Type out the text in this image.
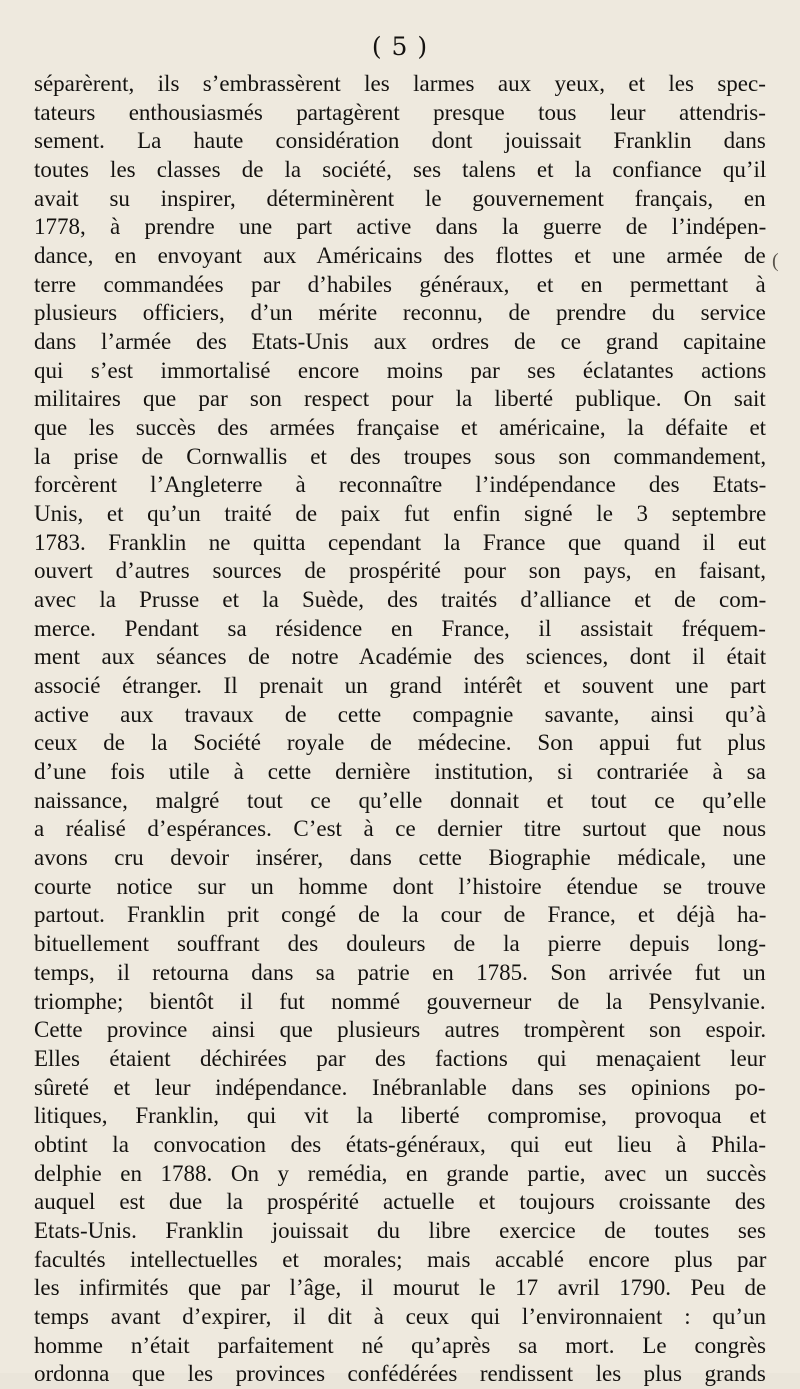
( 5 )
séparèrent, ils s’embrassèrent les larmes aux yeux, et les spec-
tateurs enthousiasmés partagèrent presque tous leur attendris-
sement. La haute considération dont jouissait Franklin dans
toutes les classes de la société, ses talens et la confiance qu’il
avait su inspirer, déterminèrent le gouvernement français, en
1778, à prendre une part active dans la guerre de l’indépen-
dance, en envoyant aux Américains des flottes et une armée de
terre commandées par d’habiles généraux, et en permettant à
plusieurs officiers, d’un mérite reconnu, de prendre du service
dans l’armée des Etats-Unis aux ordres de ce grand capitaine
qui s’est immortalisé encore moins par ses éclatantes actions
militaires que par son respect pour la liberté publique. On sait
que les succès des armées française et américaine, la défaite et
la prise de Cornwallis et des troupes sous son commandement,
forcèrent l’Angleterre à reconnaître l’indépendance des Etats-
Unis, et qu’un traité de paix fut enfin signé le 3 septembre
1783. Franklin ne quitta cependant la France que quand il eut
ouvert d’autres sources de prospérité pour son pays, en faisant,
avec la Prusse et la Suède, des traités d’alliance et de com-
merce. Pendant sa résidence en France, il assistait fréquem-
ment aux séances de notre Académie des sciences, dont il était
associé étranger. Il prenait un grand intérêt et souvent une part
active aux travaux de cette compagnie savante, ainsi qu’à
ceux de la Société royale de médecine. Son appui fut plus
d’une fois utile à cette dernière institution, si contrariée à sa
naissance, malgré tout ce qu’elle donnait et tout ce qu’elle
a réalisé d’espérances. C’est à ce dernier titre surtout que nous
avons cru devoir insérer, dans cette Biographie médicale, une
courte notice sur un homme dont l’histoire étendue se trouve
partout. Franklin prit congé de la cour de France, et déjà ha-
bituellement souffrant des douleurs de la pierre depuis long-
temps, il retourna dans sa patrie en 1785. Son arrivée fut un
triomphe; bientôt il fut nommé gouverneur de la Pensylvanie.
Cette province ainsi que plusieurs autres trompèrent son espoir.
Elles étaient déchirées par des factions qui menaçaient leur
sûreté et leur indépendance. Inébranlable dans ses opinions po-
litiques, Franklin, qui vit la liberté compromise, provoqua et
obtint la convocation des états-généraux, qui eut lieu à Phila-
delphie en 1788. On y remédia, en grande partie, avec un succès
auquel est due la prospérité actuelle et toujours croissante des
Etats-Unis. Franklin jouissait du libre exercice de toutes ses
facultés intellectuelles et morales; mais accablé encore plus par
les infirmités que par l’âge, il mourut le 17 avril 1790. Peu de
temps avant d’expirer, il dit à ceux qui l’environnaient : qu’un
homme n’était parfaitement né qu’après sa mort. Le congrès
ordonna que les provinces confédérées rendissent les plus grands
(
